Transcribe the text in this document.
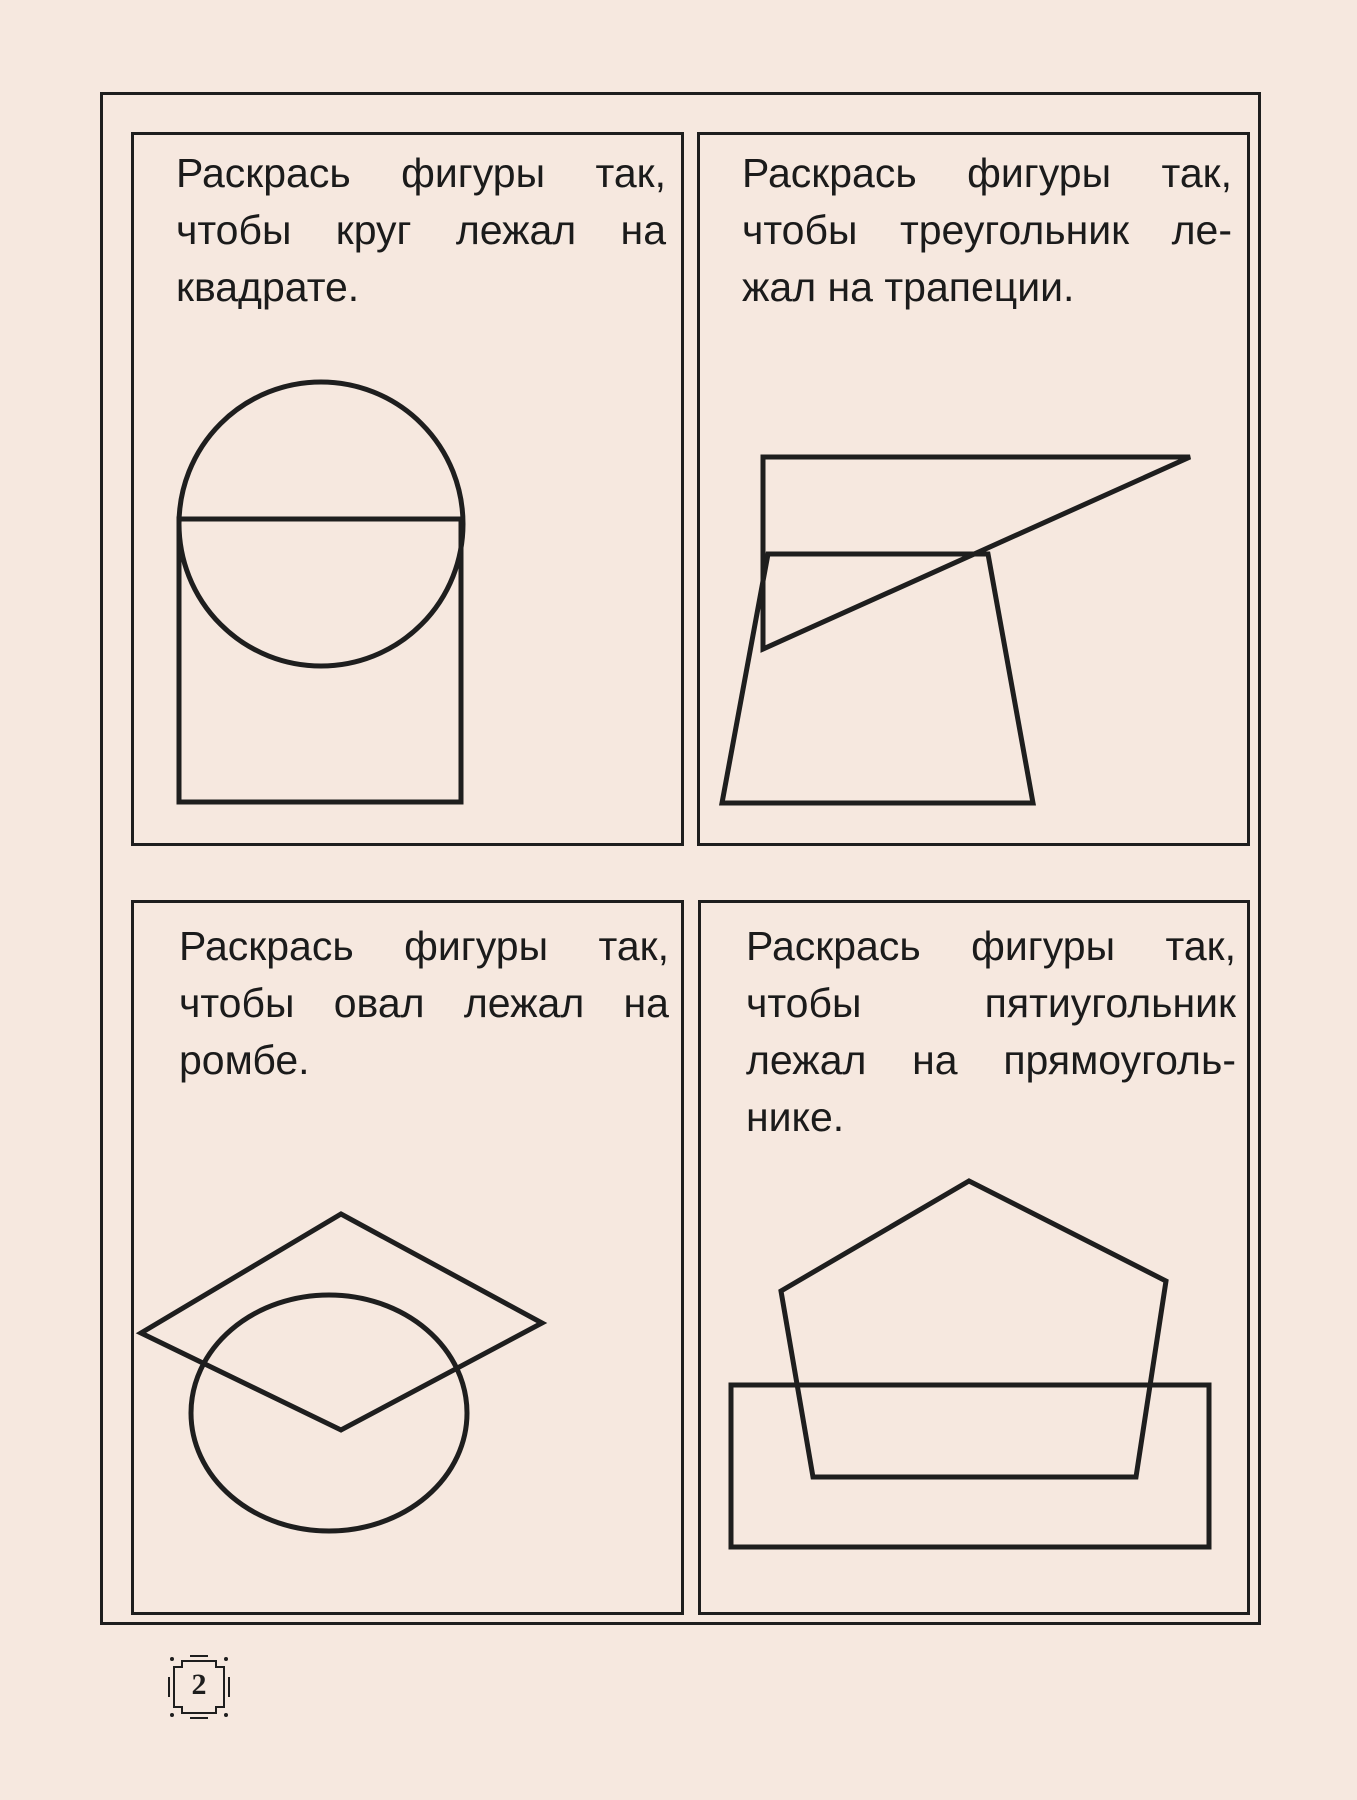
Раскрась фигуры так, чтобы круг лежал на квадрате.

Раскрась фигуры так, чтобы треугольник ле-жал на трапеции.

Раскрась фигуры так, чтобы овал лежал на ромбе.

Раскрась фигуры так, чтобы пятиугольник лежал на прямоуголь-нике.

2
